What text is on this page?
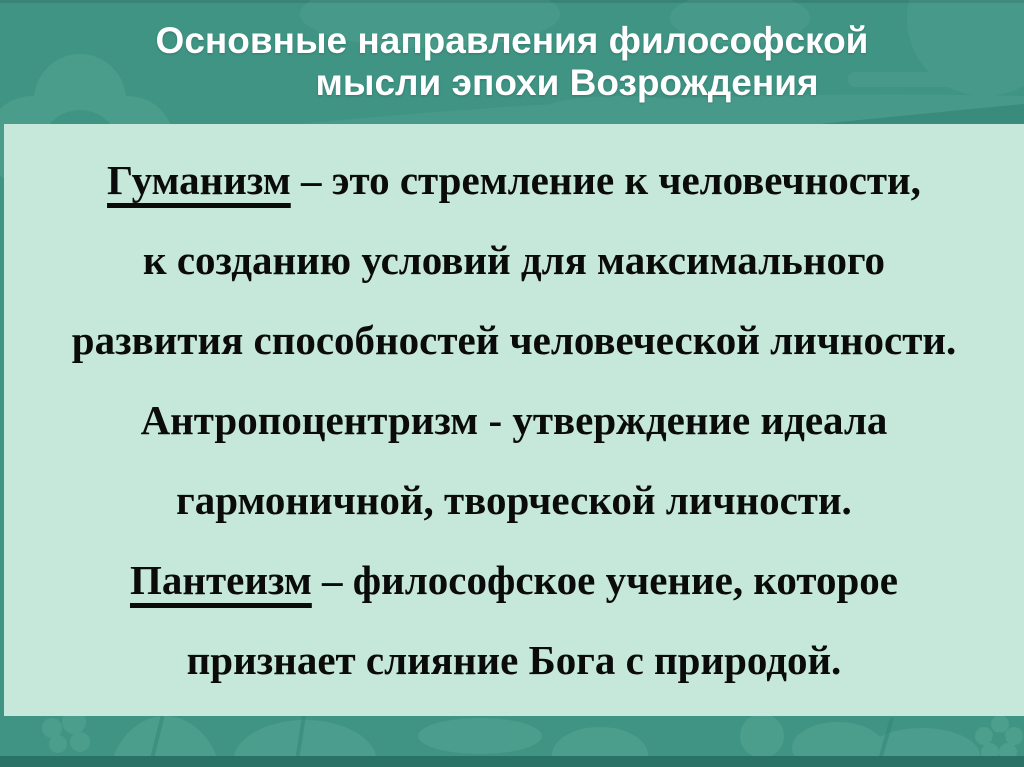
Основные направления философской
мысли эпохи Возрождения
Гуманизм – это стремление к человечности,
к созданию условий для максимального
развития способностей человеческой личности.
Антропоцентризм - утверждение идеала
гармоничной, творческой личности.
Пантеизм – философское учение, которое
признает слияние Бога с природой.
